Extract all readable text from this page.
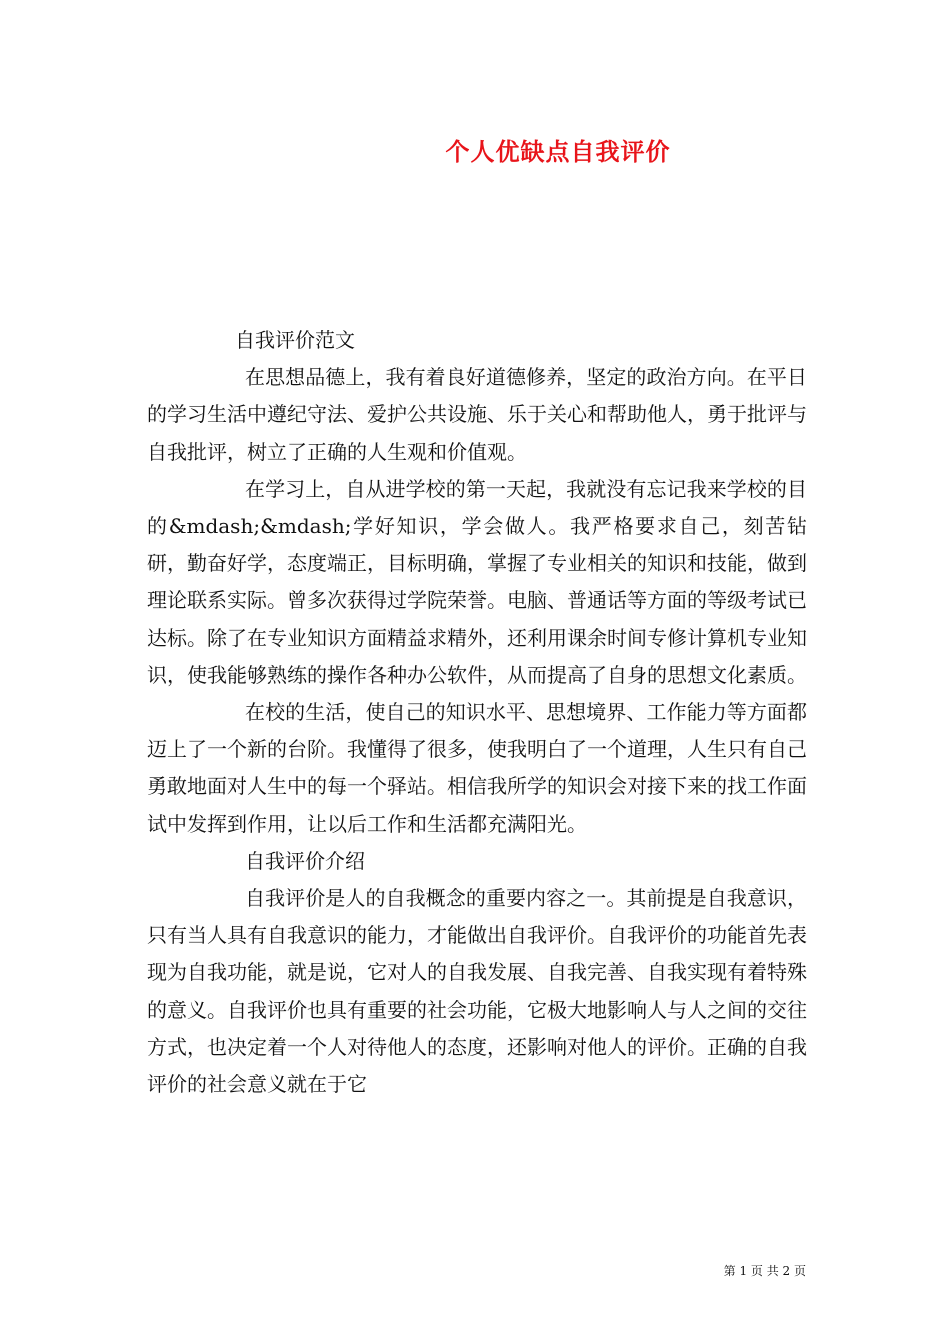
个人优缺点自我评价

自我评价范文

在思想品德上，我有着良好道德修养，坚定的政治方向。在平日的学习生活中遵纪守法、爱护公共设施、乐于关心和帮助他人，勇于批评与自我批评，树立了正确的人生观和价值观。

在学习上，自从进学校的第一天起，我就没有忘记我来学校的目的&mdash;&mdash;学好知识，学会做人。我严格要求自己，刻苦钻研，勤奋好学，态度端正，目标明确，掌握了专业相关的知识和技能，做到理论联系实际。曾多次获得过学院荣誉。电脑、普通话等方面的等级考试已达标。除了在专业知识方面精益求精外，还利用课余时间专修计算机专业知识，使我能够熟练的操作各种办公软件，从而提高了自身的思想文化素质。

在校的生活，使自己的知识水平、思想境界、工作能力等方面都迈上了一个新的台阶。我懂得了很多，使我明白了一个道理，人生只有自己勇敢地面对人生中的每一个驿站。相信我所学的知识会对接下来的找工作面试中发挥到作用，让以后工作和生活都充满阳光。

自我评价介绍

自我评价是人的自我概念的重要内容之一。其前提是自我意识，只有当人具有自我意识的能力，才能做出自我评价。自我评价的功能首先表现为自我功能，就是说，它对人的自我发展、自我完善、自我实现有着特殊的意义。自我评价也具有重要的社会功能，它极大地影响人与人之间的交往方式，也决定着一个人对待他人的态度，还影响对他人的评价。正确的自我评价的社会意义就在于它

第 1 页 共 2 页
